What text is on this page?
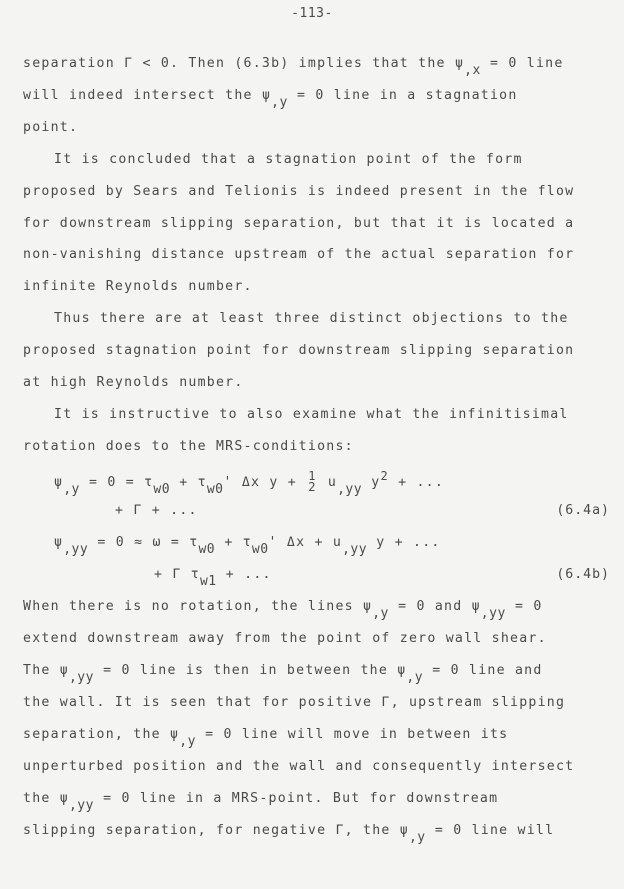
-113-
separation Γ < 0. Then (6.3b) implies that the $\psi_{,x} = 0$ line
will indeed intersect the $\psi_{,y} = 0$ line in a stagnation
point.
It is concluded that a stagnation point of the form
proposed by Sears and Telionis is indeed present in the flow
for downstream slipping separation, but that it is located a
non-vanishing distance upstream of the actual separation for
infinite Reynolds number.
Thus there are at least three distinct objections to the
proposed stagnation point for downstream slipping separation
at high Reynolds number.
It is instructive to also examine what the infinitisimal
rotation does to the MRS-conditions:
$\psi_{,y} = 0 = \tau_{w0} + \tau_{w0}'$ Δx y + 1
2 $u_{,yy}$ $y^2$ + ...
+ Γ + ...	(6.4a)
$\psi_{,yy} = 0 \approx \omega = \tau_{w0} + \tau_{w0}'$ $\Delta x + u_{,yy}$ y + ...
+ Γ $\tau_{w1}$ + ...	(6.4b)
When there is no rotation, the lines $\psi_{,y} = 0$ and $\psi_{,yy} = 0$
extend downstream away from the point of zero wall shear.
The $\psi_{,yy} = 0$ line is then in between the $\psi_{,y} = 0$ line and
the wall. It is seen that for positive Γ, upstream slipping
separation, the $\psi_{,y} = 0$ line will move in between its
unperturbed position and the wall and consequently intersect
the $\psi_{,yy} = 0$ line in a MRS-point. But for downstream
slipping separation, for negative Γ, the $\psi_{,y} = 0$ line will
